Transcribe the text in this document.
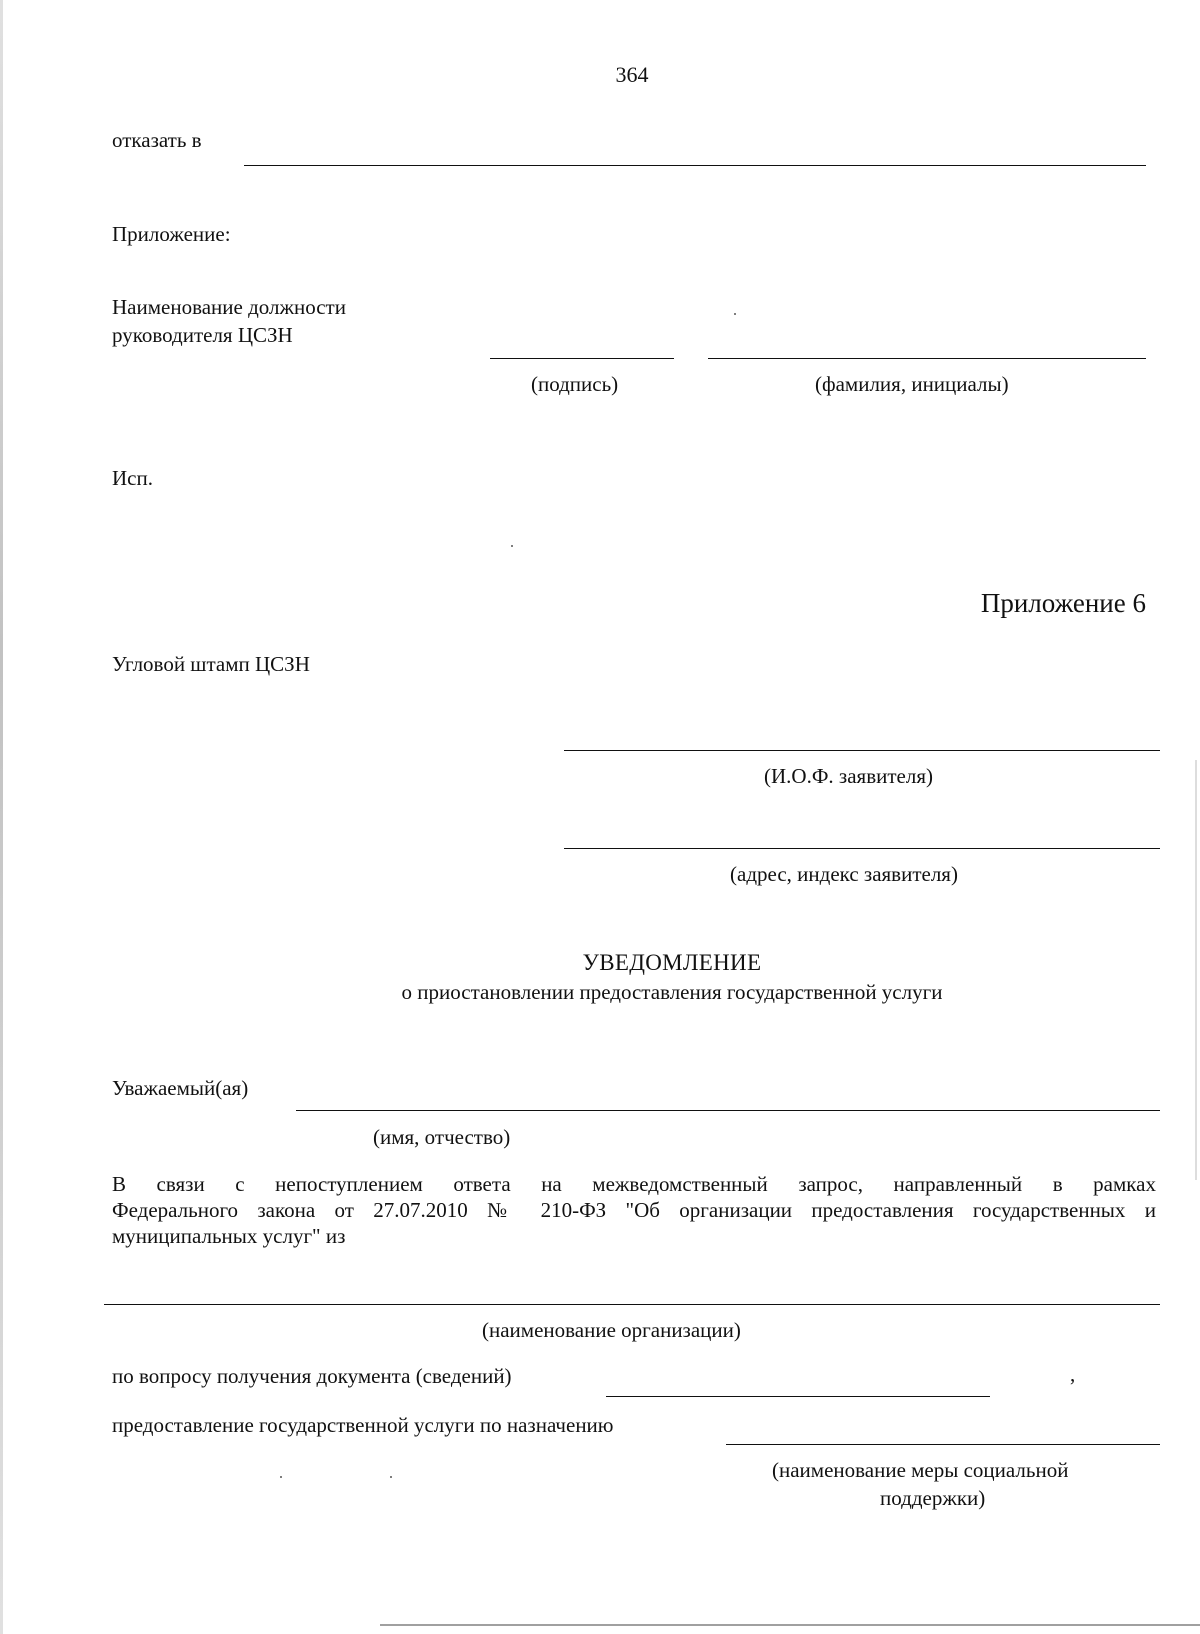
364
отказать в
Приложение:
Наименование должности
руководителя ЦСЗН
(подпись)	(фамилия, инициалы)
Исп.
Приложение 6
Угловой штамп ЦСЗН
(И.О.Ф. заявителя)
(адрес, индекс заявителя)
УВЕДОМЛЕНИЕ
о приостановлении предоставления государственной услуги
Уважаемый(ая)
(имя, отчество)
В связи с непоступлением ответа на межведомственный запрос, направленный в рамках
Федерального закона от 27.07.2010 № 210-ФЗ "Об организации предоставления государственных и
муниципальных услуг" из
(наименование организации)
по вопросу получения документа (сведений)	,
предоставление государственной услуги по назначению
(наименование меры социальной
поддержки)
